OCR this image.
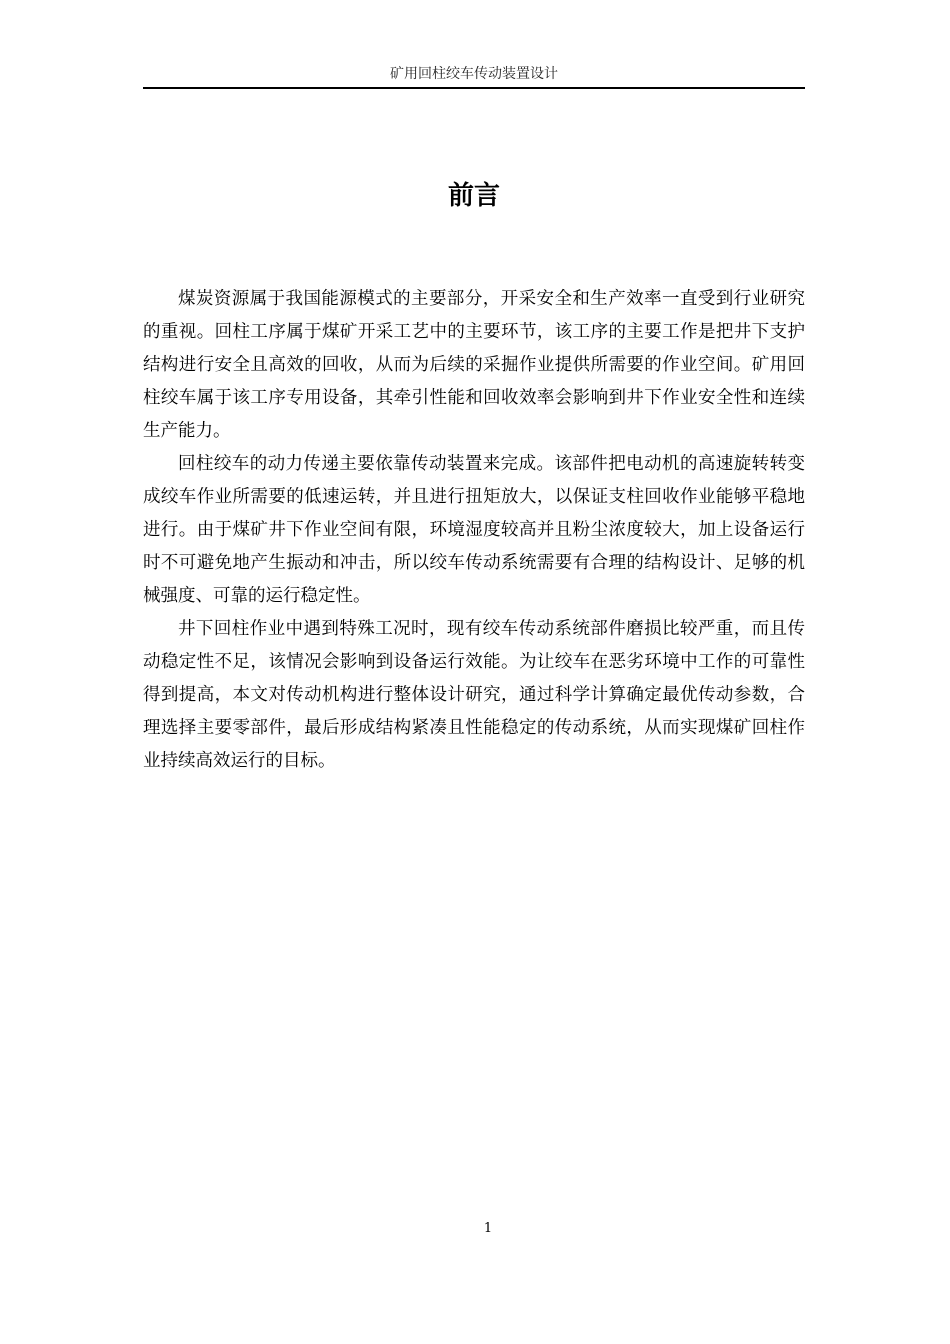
矿用回柱绞车传动装置设计
前言

煤炭资源属于我国能源模式的主要部分，开采安全和生产效率一直受到行业研究的重视。回柱工序属于煤矿开采工艺中的主要环节，该工序的主要工作是把井下支护结构进行安全且高效的回收，从而为后续的采掘作业提供所需要的作业空间。矿用回柱绞车属于该工序专用设备，其牵引性能和回收效率会影响到井下作业安全性和连续生产能力。

回柱绞车的动力传递主要依靠传动装置来完成。该部件把电动机的高速旋转转变成绞车作业所需要的低速运转，并且进行扭矩放大，以保证支柱回收作业能够平稳地进行。由于煤矿井下作业空间有限，环境湿度较高并且粉尘浓度较大，加上设备运行时不可避免地产生振动和冲击，所以绞车传动系统需要有合理的结构设计、足够的机械强度、可靠的运行稳定性。

井下回柱作业中遇到特殊工况时，现有绞车传动系统部件磨损比较严重，而且传动稳定性不足，该情况会影响到设备运行效能。为让绞车在恶劣环境中工作的可靠性得到提高，本文对传动机构进行整体设计研究，通过科学计算确定最优传动参数，合理选择主要零部件，最后形成结构紧凑且性能稳定的传动系统，从而实现煤矿回柱作业持续高效运行的目标。

1
